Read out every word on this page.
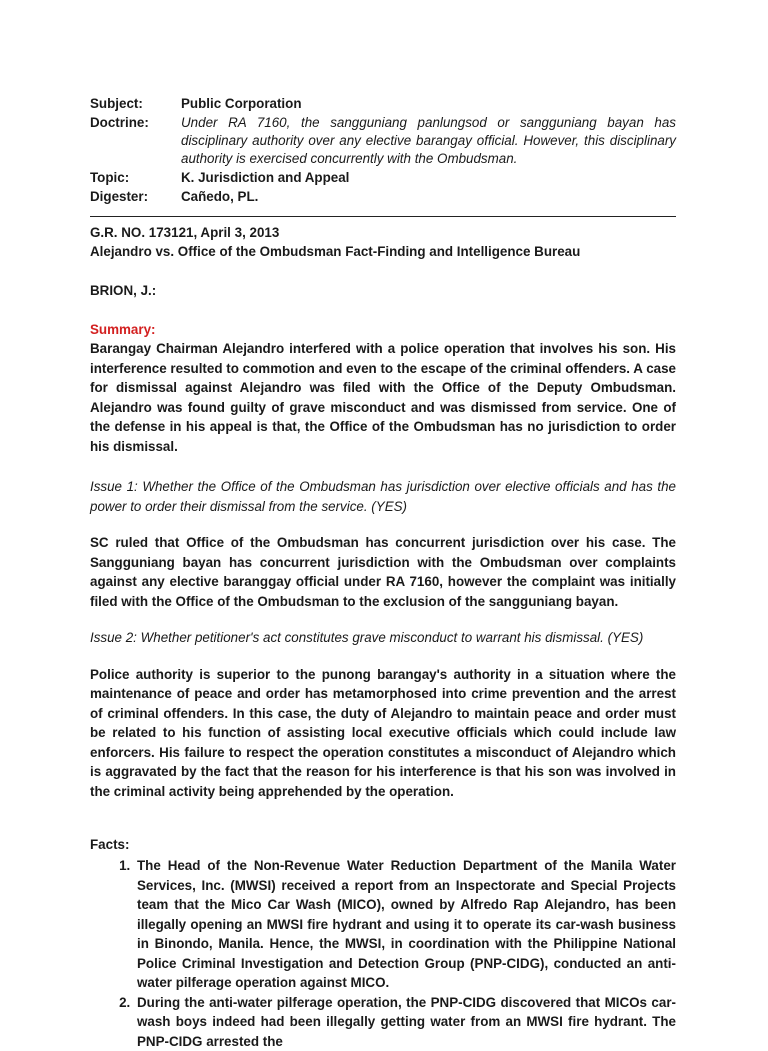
Subject:	Public Corporation
Doctrine:	Under RA 7160, the sangguniang panlungsod or sangguniang bayan has disciplinary authority over any elective barangay official. However, this disciplinary authority is exercised concurrently with the Ombudsman.
Topic:	K. Jurisdiction and Appeal
Digester:	Cañedo, PL.
G.R. NO. 173121, April 3, 2013
Alejandro vs. Office of the Ombudsman Fact-Finding and Intelligence Bureau
BRION, J.:
Summary:

Barangay Chairman Alejandro interfered with a police operation that involves his son. His interference resulted to commotion and even to the escape of the criminal offenders. A case for dismissal against Alejandro was filed with the Office of the Deputy Ombudsman. Alejandro was found guilty of grave misconduct and was dismissed from service. One of the defense in his appeal is that, the Office of the Ombudsman has no jurisdiction to order his dismissal.

Issue 1: Whether the Office of the Ombudsman has jurisdiction over elective officials and has the power to order their dismissal from the service. (YES)

SC ruled that Office of the Ombudsman has concurrent jurisdiction over his case. The Sangguniang bayan has concurrent jurisdiction with the Ombudsman over complaints against any elective baranggay official under RA 7160, however the complaint was initially filed with the Office of the Ombudsman to the exclusion of the sangguniang bayan.

Issue 2: Whether petitioner's act constitutes grave misconduct to warrant his dismissal. (YES)

Police authority is superior to the punong barangay's authority in a situation where the maintenance of peace and order has metamorphosed into crime prevention and the arrest of criminal offenders. In this case, the duty of Alejandro to maintain peace and order must be related to his function of assisting local executive officials which could include law enforcers. His failure to respect the operation constitutes a misconduct of Alejandro which is aggravated by the fact that the reason for his interference is that his son was involved in the criminal activity being apprehended by the operation.

Facts:
1. The Head of the Non-Revenue Water Reduction Department of the Manila Water Services, Inc. (MWSI) received a report from an Inspectorate and Special Projects team that the Mico Car Wash (MICO), owned by Alfredo Rap Alejandro, has been illegally opening an MWSI fire hydrant and using it to operate its car-wash business in Binondo, Manila. Hence, the MWSI, in coordination with the Philippine National Police Criminal Investigation and Detection Group (PNP-CIDG), conducted an anti-water pilferage operation against MICO.
2. During the anti-water pilferage operation, the PNP-CIDG discovered that MICOs car-wash boys indeed had been illegally getting water from an MWSI fire hydrant. The PNP-CIDG arrested the
